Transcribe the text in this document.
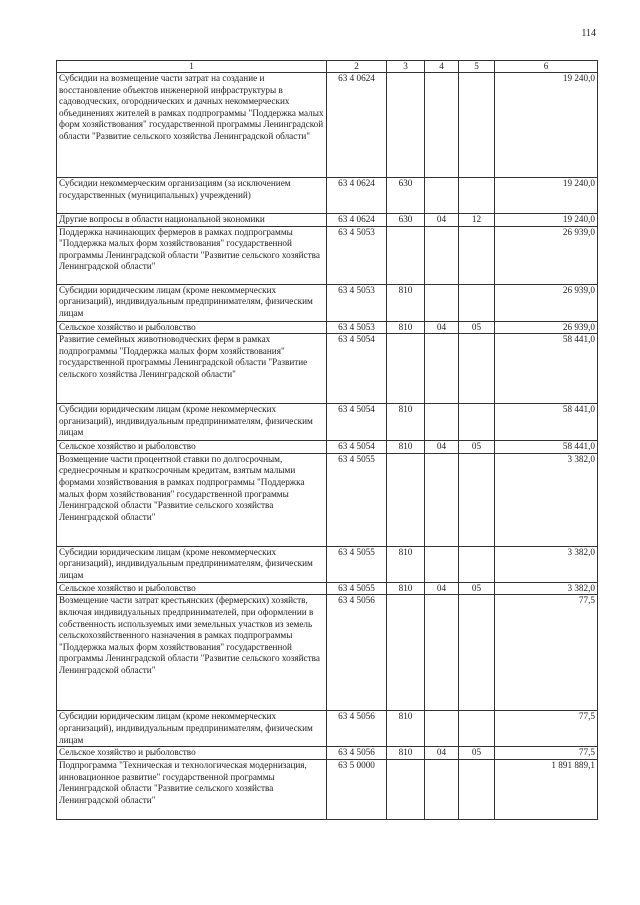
114
1	2	3	4	5	6
Субсидии на возмещение части затрат на создание и восстановление объектов инженерной инфраструктуры в садоводческих, огороднических и дачных некоммерческих объединениях жителей в рамках подпрограммы "Поддержка малых форм хозяйствования" государственной программы Ленинградской области "Развитие сельского хозяйства Ленинградской области"	63 4 0624				19 240,0
Субсидии некоммерческим организациям (за исключением государственных (муниципальных) учреждений)	63 4 0624	630			19 240,0
Другие вопросы в области национальной экономики	63 4 0624	630	04	12	19 240,0
Поддержка начинающих фермеров в рамках подпрограммы "Поддержка малых форм хозяйствования" государственной программы Ленинградской области "Развитие сельского хозяйства Ленинградской области"	63 4 5053				26 939,0
Субсидии юридическим лицам (кроме некоммерческих организаций), индивидуальным предпринимателям, физическим лицам	63 4 5053	810			26 939,0
Сельское хозяйство и рыболовство	63 4 5053	810	04	05	26 939,0
Развитие семейных животноводческих ферм в рамках подпрограммы "Поддержка малых форм хозяйствования" государственной программы Ленинградской области "Развитие сельского хозяйства Ленинградской области"	63 4 5054				58 441,0
Субсидии юридическим лицам (кроме некоммерческих организаций), индивидуальным предпринимателям, физическим лицам	63 4 5054	810			58 441,0
Сельское хозяйство и рыболовство	63 4 5054	810	04	05	58 441,0
Возмещение части процентной ставки по долгосрочным, среднесрочным и краткосрочным кредитам, взятым малыми формами хозяйствования в рамках подпрограммы "Поддержка малых форм хозяйствования" государственной программы Ленинградской области "Развитие сельского хозяйства Ленинградской области"	63 4 5055				3 382,0
Субсидии юридическим лицам (кроме некоммерческих организаций), индивидуальным предпринимателям, физическим лицам	63 4 5055	810			3 382,0
Сельское хозяйство и рыболовство	63 4 5055	810	04	05	3 382,0
Возмещение части затрат крестьянских (фермерских) хозяйств, включая индивидуальных предпринимателей, при оформлении в собственность используемых ими земельных участков из земель сельскохозяйственного назначения в рамках подпрограммы "Поддержка малых форм хозяйствования" государственной программы Ленинградской области "Развитие сельского хозяйства Ленинградской области"	63 4 5056				77,5
Субсидии юридическим лицам (кроме некоммерческих организаций), индивидуальным предпринимателям, физическим лицам	63 4 5056	810			77,5
Сельское хозяйство и рыболовство	63 4 5056	810	04	05	77,5
Подпрограмма "Техническая и технологическая модернизация, инновационное развитие" государственной программы Ленинградской области "Развитие сельского хозяйства Ленинградской области"	63 5 0000				1 891 889,1
